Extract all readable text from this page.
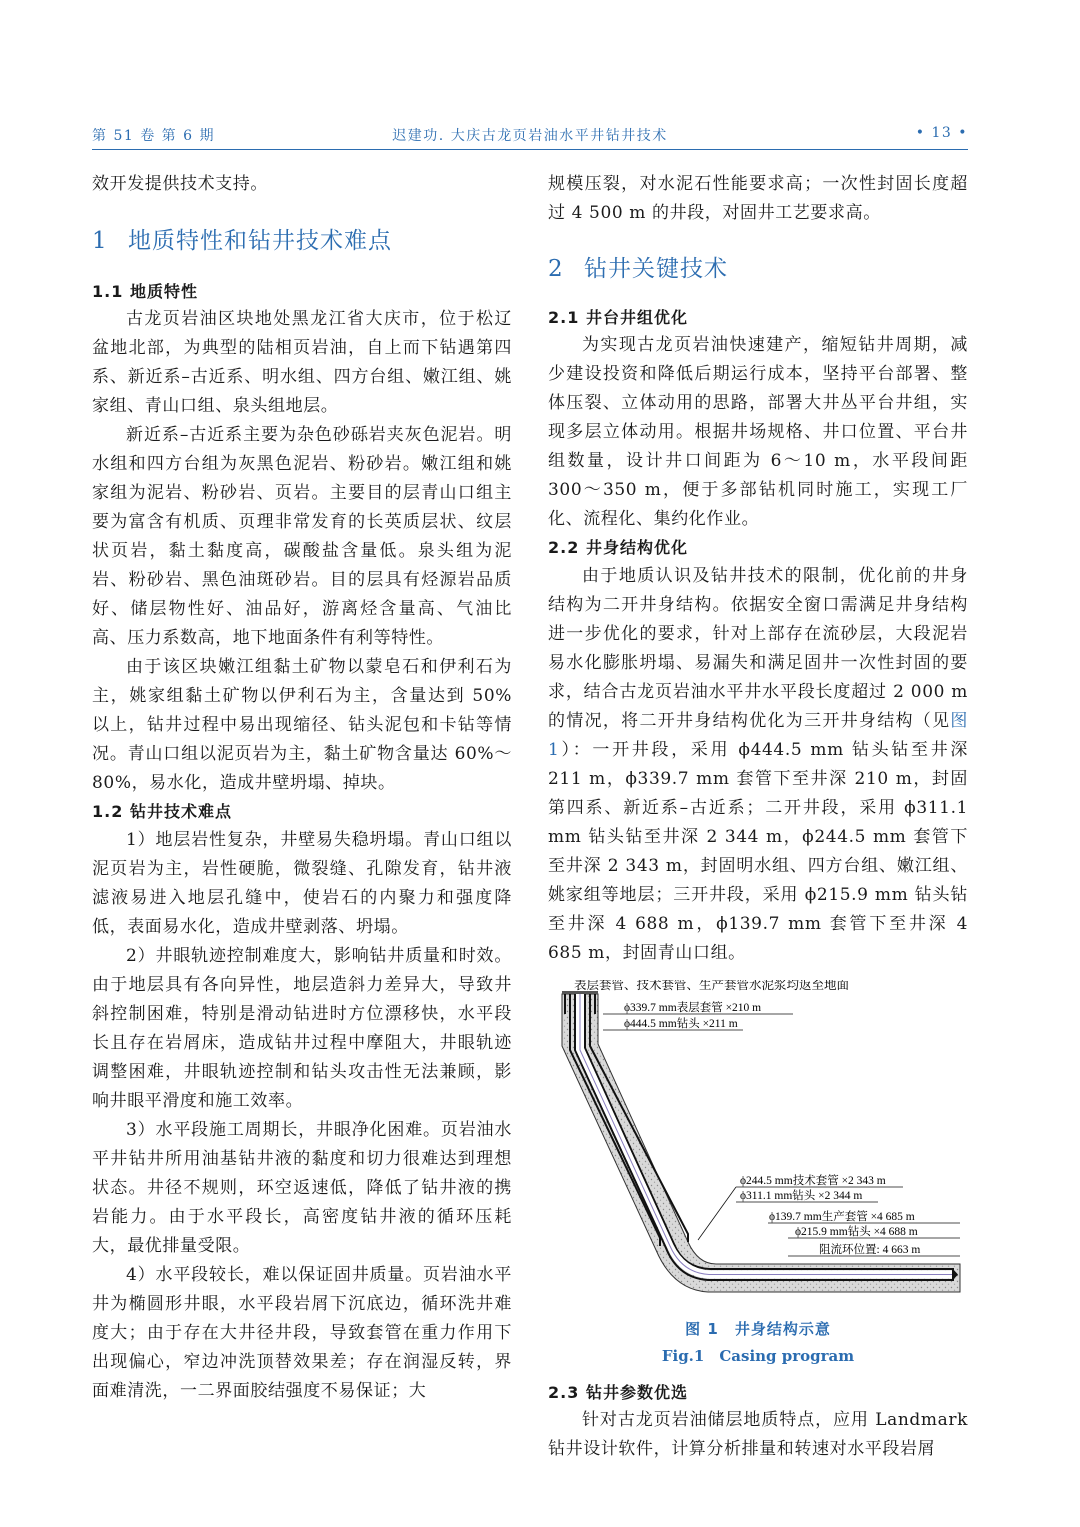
第 51 卷 第 6 期	迟建功. 大庆古龙页岩油水平井钻井技术	• 13 •

效开发提供技术支持。

1 地质特性和钻井技术难点
1.1 地质特性

古龙页岩油区块地处黑龙江省大庆市，位于松辽盆地北部，为典型的陆相页岩油，自上而下钻遇第四系、新近系–古近系、明水组、四方台组、嫩江组、姚家组、青山口组、泉头组地层。

新近系–古近系主要为杂色砂砾岩夹灰色泥岩。明水组和四方台组为灰黑色泥岩、粉砂岩。嫩江组和姚家组为泥岩、粉砂岩、页岩。主要目的层青山口组主要为富含有机质、页理非常发育的长英质层状、纹层状页岩，黏土黏度高，碳酸盐含量低。泉头组为泥岩、粉砂岩、黑色油斑砂岩。目的层具有烃源岩品质好、储层物性好、油品好，游离烃含量高、气油比高、压力系数高，地下地面条件有利等特性。

由于该区块嫩江组黏土矿物以蒙皂石和伊利石为主，姚家组黏土矿物以伊利石为主，含量达到 50% 以上，钻井过程中易出现缩径、钻头泥包和卡钻等情况。青山口组以泥页岩为主，黏土矿物含量达 60%～80%，易水化，造成井壁坍塌、掉块。

1.2 钻井技术难点

1）地层岩性复杂，井壁易失稳坍塌。青山口组以泥页岩为主，岩性硬脆，微裂缝、孔隙发育，钻井液滤液易进入地层孔缝中，使岩石的内聚力和强度降低，表面易水化，造成井壁剥落、坍塌。

2）井眼轨迹控制难度大，影响钻井质量和时效。由于地层具有各向异性，地层造斜力差异大，导致井斜控制困难，特别是滑动钻进时方位漂移快，水平段长且存在岩屑床，造成钻井过程中摩阻大，井眼轨迹调整困难，井眼轨迹控制和钻头攻击性无法兼顾，影响井眼平滑度和施工效率。

3）水平段施工周期长，井眼净化困难。页岩油水平井钻井所用油基钻井液的黏度和切力很难达到理想状态。井径不规则，环空返速低，降低了钻井液的携岩能力。由于水平段长，高密度钻井液的循环压耗大，最优排量受限。

4）水平段较长，难以保证固井质量。页岩油水平井为椭圆形井眼，水平段岩屑下沉底边，循环洗井难度大；由于存在大井径井段，导致套管在重力作用下出现偏心，窄边冲洗顶替效果差；存在润湿反转，界面难清洗，一二界面胶结强度不易保证；大

规模压裂，对水泥石性能要求高；一次性封固长度超过 4 500 m 的井段，对固井工艺要求高。

2 钻井关键技术
2.1 井台井组优化

为实现古龙页岩油快速建产，缩短钻井周期，减少建设投资和降低后期运行成本，坚持平台部署、整体压裂、立体动用的思路，部署大井丛平台井组，实现多层立体动用。根据井场规格、井口位置、平台井组数量，设计井口间距为 6～10 m，水平段间距 300～350 m，便于多部钻机同时施工，实现工厂化、流程化、集约化作业。

2.2 井身结构优化

由于地质认识及钻井技术的限制，优化前的井身结构为二开井身结构。依据安全窗口需满足井身结构进一步优化的要求，针对上部存在流砂层，大段泥岩易水化膨胀坍塌、易漏失和满足固井一次性封固的要求，结合古龙页岩油水平井水平段长度超过 2 000 m 的情况，将二开井身结构优化为三开井身结构（见图 1）：一开井段，采用 ϕ444.5 mm 钻头钻至井深 211 m，ϕ339.7 mm 套管下至井深 210 m，封固第四系、新近系–古近系；二开井段，采用 ϕ311.1 mm 钻头钻至井深 2 344 m，ϕ244.5 mm 套管下至井深 2 343 m，封固明水组、四方台组、嫩江组、姚家组等地层；三开井段，采用 ϕ215.9 mm 钻头钻至井深 4 688 m，ϕ139.7 mm 套管下至井深 4 685 m，封固青山口组。

表层套管、技术套管、生产套管水泥浆均返至地面
ϕ339.7 mm表层套管 ×210 m
ϕ444.5 mm钻头 ×211 m
ϕ244.5 mm技术套管 ×2 343 m
ϕ311.1 mm钻头 ×2 344 m
ϕ139.7 mm生产套管 ×4 685 m
ϕ215.9 mm钻头 ×4 688 m
阻流环位置: 4 663 m
图 1　井身结构示意
Fig.1　Casing program
2.3 钻井参数优选

针对古龙页岩油储层地质特点，应用 Landmark 钻井设计软件，计算分析排量和转速对水平段岩屑
